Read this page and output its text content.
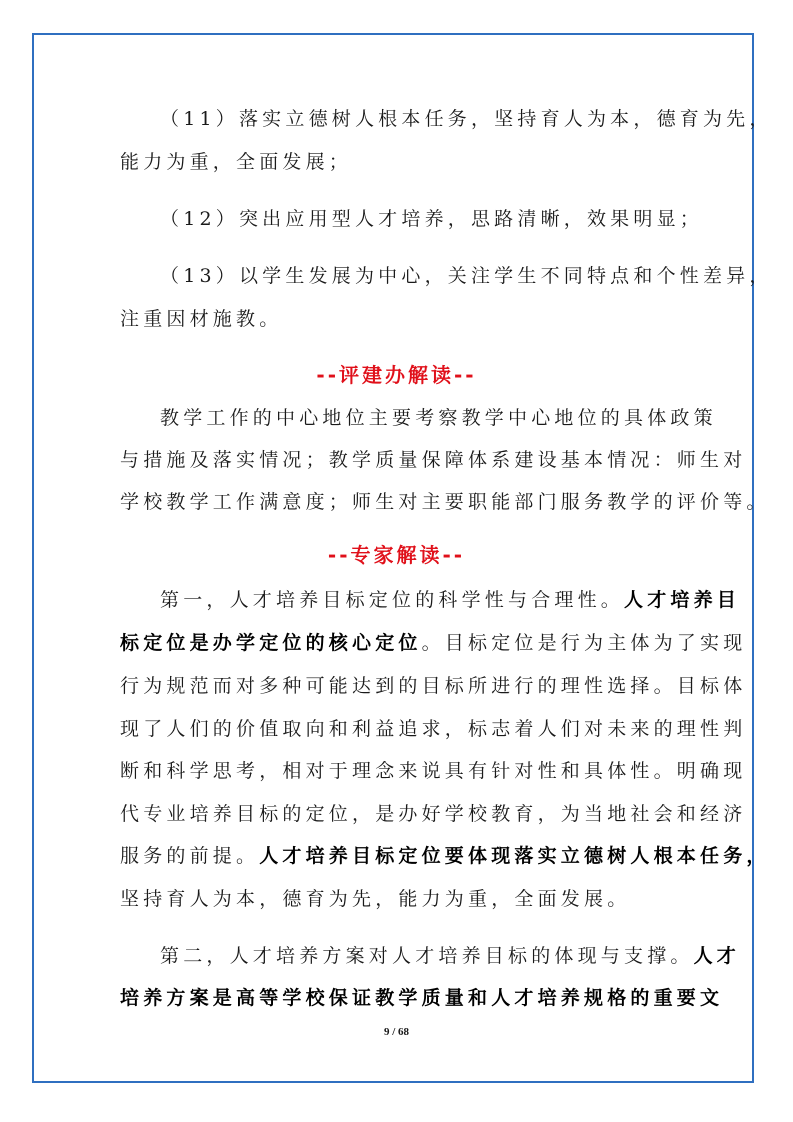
（11）落实立德树人根本任务，坚持育人为本，德育为先，
能力为重，全面发展；
（12）突出应用型人才培养，思路清晰，效果明显；
（13）以学生发展为中心，关注学生不同特点和个性差异，
注重因材施教。
--评建办解读--
教学工作的中心地位主要考察教学中心地位的具体政策
与措施及落实情况；教学质量保障体系建设基本情况：师生对
学校教学工作满意度；师生对主要职能部门服务教学的评价等。
--专家解读--
第一，人才培养目标定位的科学性与合理性。人才培养目
标定位是办学定位的核心定位。目标定位是行为主体为了实现
行为规范而对多种可能达到的目标所进行的理性选择。目标体
现了人们的价值取向和利益追求，标志着人们对未来的理性判
断和科学思考，相对于理念来说具有针对性和具体性。明确现
代专业培养目标的定位，是办好学校教育，为当地社会和经济
服务的前提。人才培养目标定位要体现落实立德树人根本任务，
坚持育人为本，德育为先，能力为重，全面发展。
第二，人才培养方案对人才培养目标的体现与支撑。人才
培养方案是高等学校保证教学质量和人才培养规格的重要文
9 / 68
